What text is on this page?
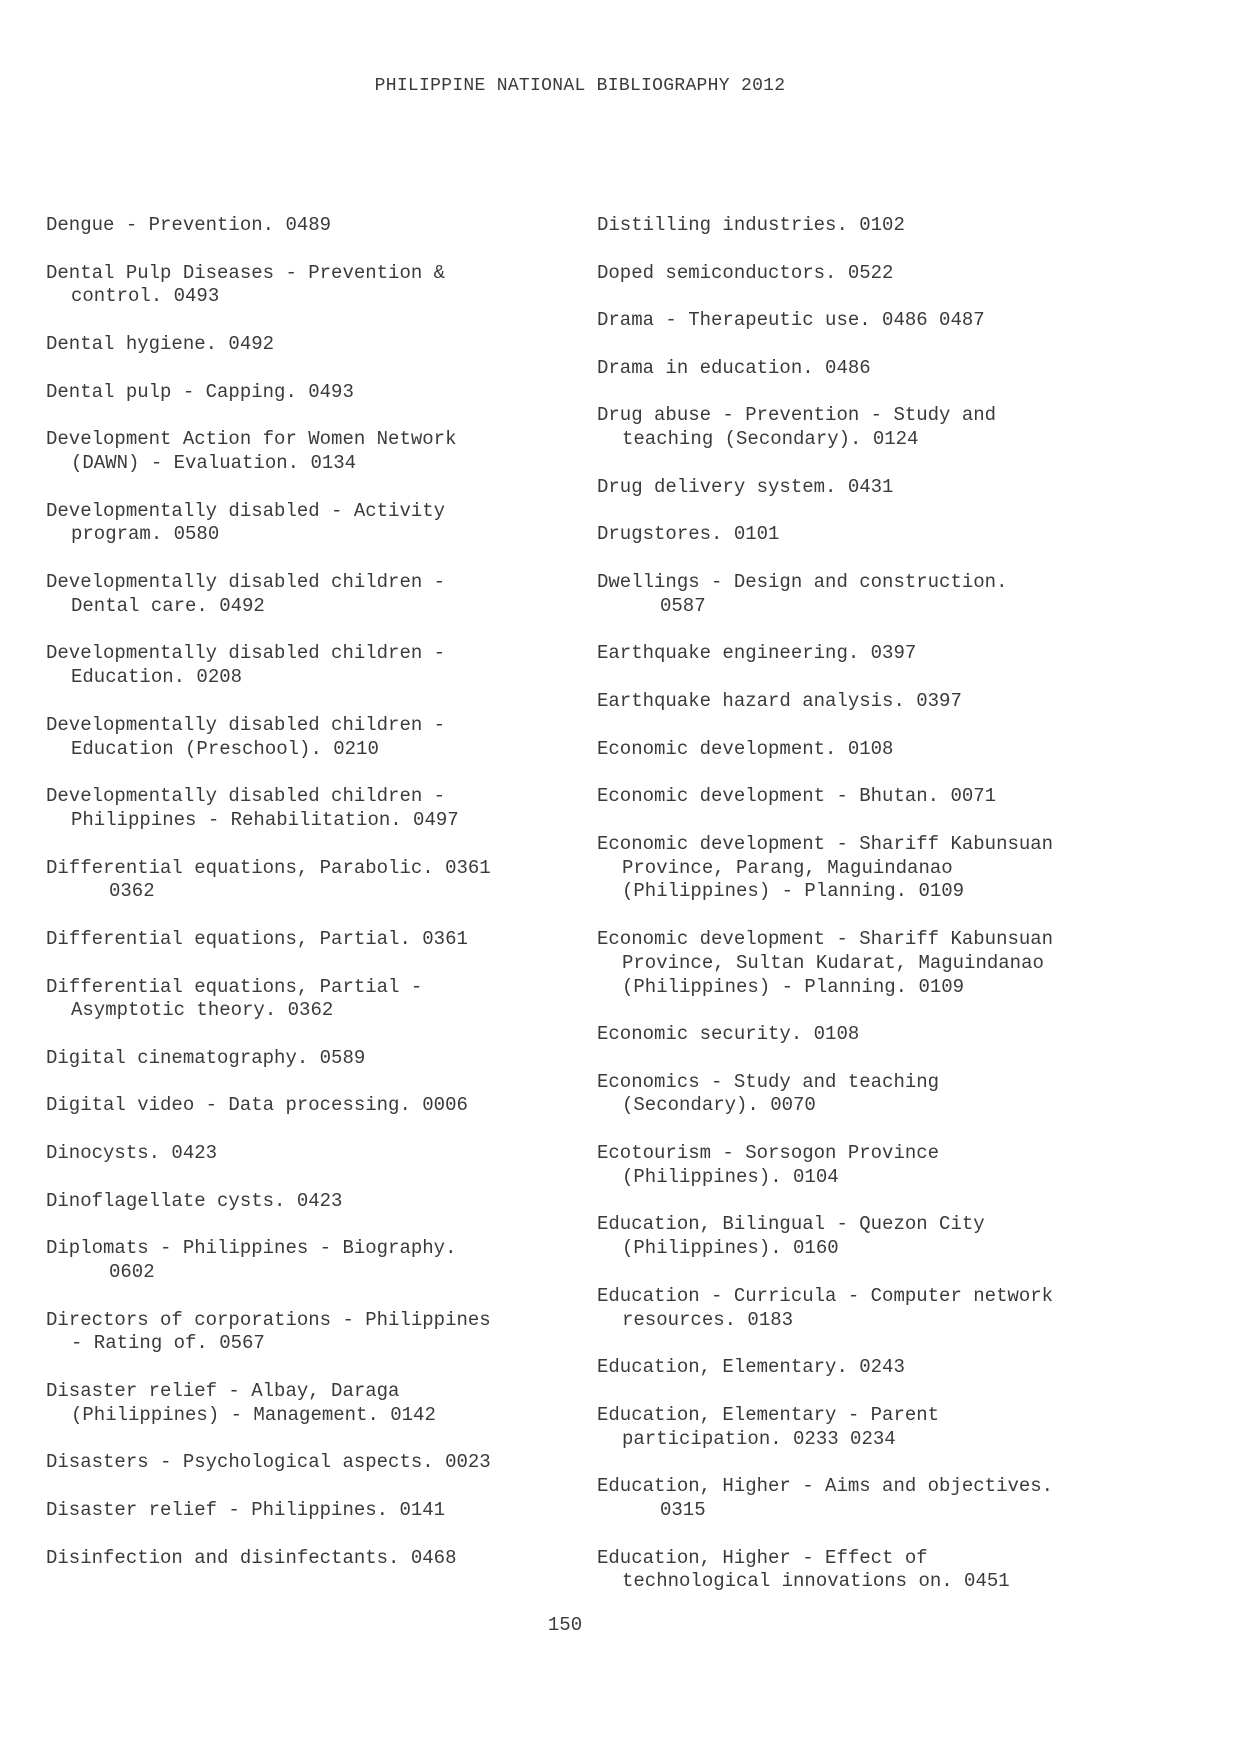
PHILIPPINE NATIONAL BIBLIOGRAPHY 2012
Dengue - Prevention. 0489
Dental Pulp Diseases - Prevention &
control. 0493
Dental hygiene. 0492
Dental pulp - Capping. 0493
Development Action for Women Network
(DAWN) - Evaluation. 0134
Developmentally disabled - Activity
program. 0580
Developmentally disabled children -
Dental care. 0492
Developmentally disabled children -
Education. 0208
Developmentally disabled children -
Education (Preschool). 0210
Developmentally disabled children -
Philippines - Rehabilitation. 0497
Differential equations, Parabolic. 0361
0362
Differential equations, Partial. 0361
Differential equations, Partial -
Asymptotic theory. 0362
Digital cinematography. 0589
Digital video - Data processing. 0006
Dinocysts. 0423
Dinoflagellate cysts. 0423
Diplomats - Philippines - Biography.
0602
Directors of corporations - Philippines
- Rating of. 0567
Disaster relief - Albay, Daraga
(Philippines) - Management. 0142
Disasters - Psychological aspects. 0023
Disaster relief - Philippines. 0141
Disinfection and disinfectants. 0468
Distilling industries. 0102
Doped semiconductors. 0522
Drama - Therapeutic use. 0486 0487
Drama in education. 0486
Drug abuse - Prevention - Study and
teaching (Secondary). 0124
Drug delivery system. 0431
Drugstores. 0101
Dwellings - Design and construction.
0587
Earthquake engineering. 0397
Earthquake hazard analysis. 0397
Economic development. 0108
Economic development - Bhutan. 0071
Economic development - Shariff Kabunsuan
Province, Parang, Maguindanao
(Philippines) - Planning. 0109
Economic development - Shariff Kabunsuan
Province, Sultan Kudarat, Maguindanao
(Philippines) - Planning. 0109
Economic security. 0108
Economics - Study and teaching
(Secondary). 0070
Ecotourism - Sorsogon Province
(Philippines). 0104
Education, Bilingual - Quezon City
(Philippines). 0160
Education - Curricula - Computer network
resources. 0183
Education, Elementary. 0243
Education, Elementary - Parent
participation. 0233 0234
Education, Higher - Aims and objectives.
0315
Education, Higher - Effect of
technological innovations on. 0451
150
